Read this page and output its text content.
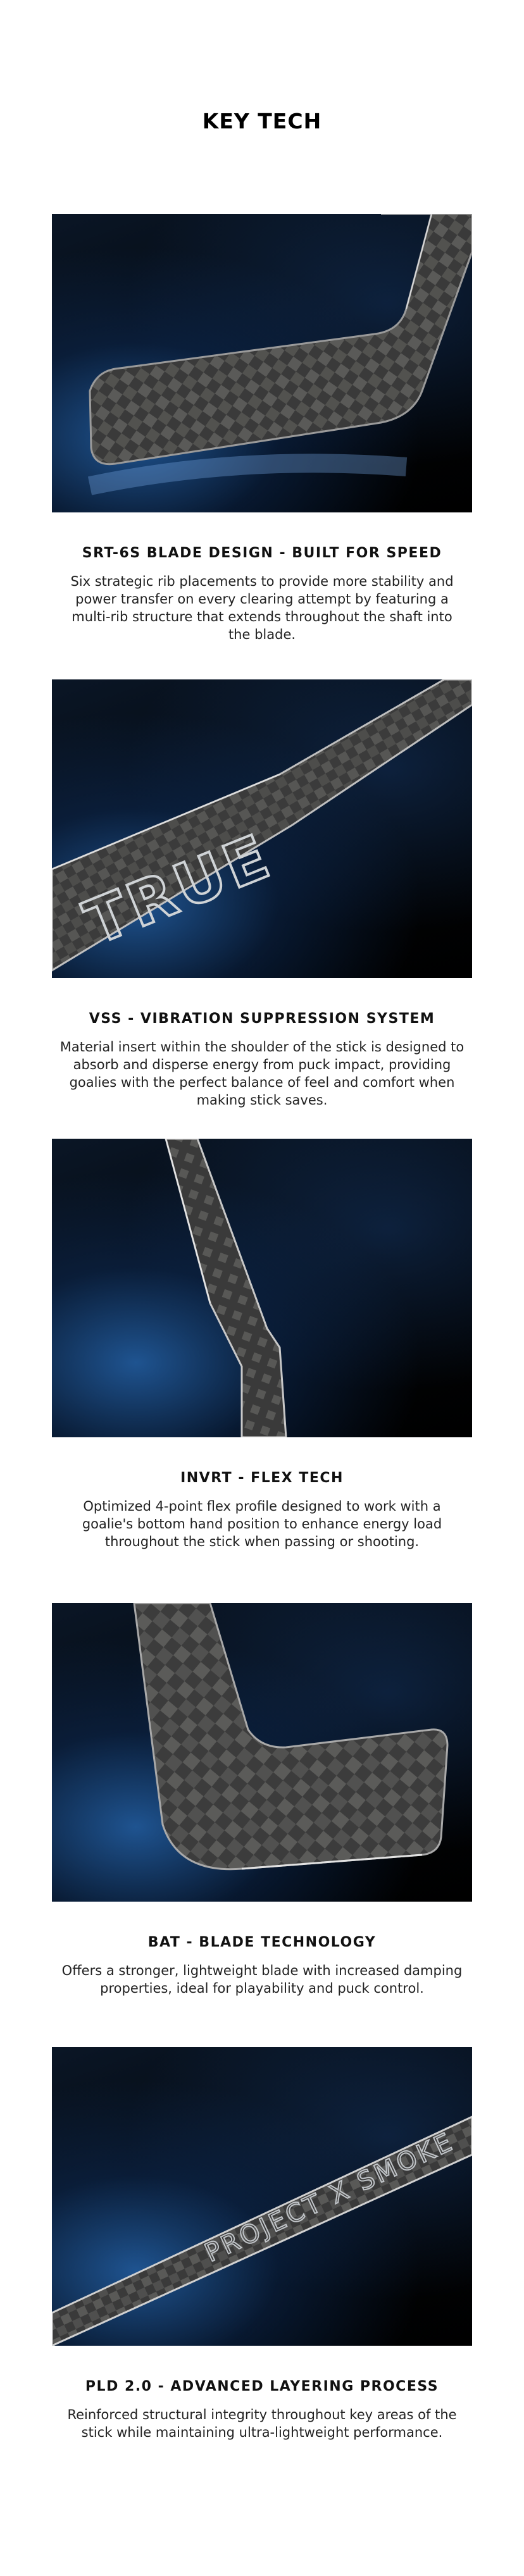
KEY TECH
SRT-6S BLADE DESIGN - BUILT FOR SPEED
Six strategic rib placements to provide more stability and power transfer on every clearing attempt by featuring a multi-rib structure that extends throughout the shaft into the blade.
TRUE
VSS - VIBRATION SUPPRESSION SYSTEM
Material insert within the shoulder of the stick is designed to absorb and disperse energy from puck impact, providing goalies with the perfect balance of feel and comfort when making stick saves.
INVRT - FLEX TECH
Optimized 4-point flex profile designed to work with a goalie's bottom hand position to enhance energy load throughout the stick when passing or shooting.
BAT - BLADE TECHNOLOGY
Offers a stronger, lightweight blade with increased damping properties, ideal for playability and puck control.
PROJECT X SMOKE
PLD 2.0 - ADVANCED LAYERING PROCESS
Reinforced structural integrity throughout key areas of the stick while maintaining ultra-lightweight performance.
